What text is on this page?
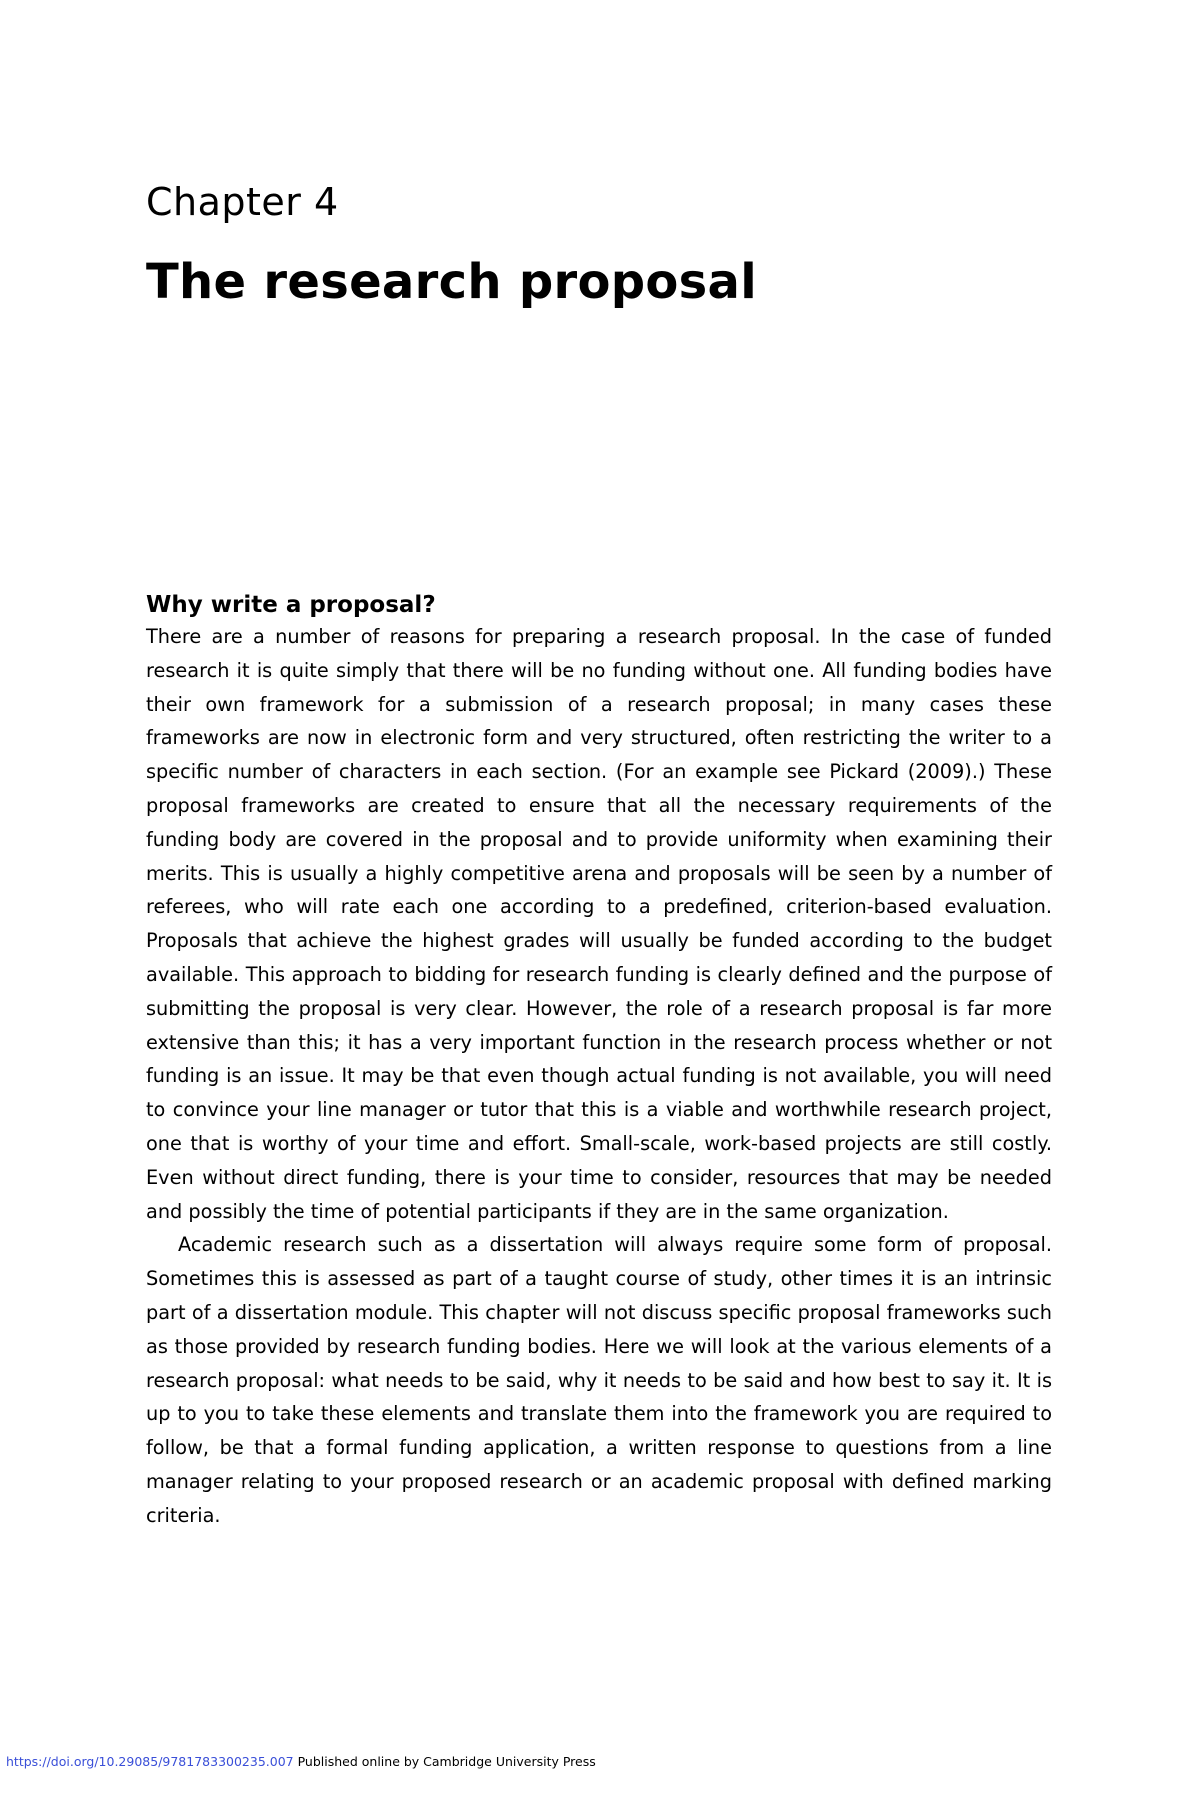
Chapter 4
The research proposal
Why write a proposal?

There are a number of reasons for preparing a research proposal. In the case of funded research it is quite simply that there will be no funding without one. All funding bodies have their own framework for a submission of a research proposal; in many cases these frameworks are now in electronic form and very structured, often restricting the writer to a specific number of characters in each section. (For an example see Pickard (2009).) These proposal frameworks are created to ensure that all the necessary requirements of the funding body are covered in the proposal and to provide uniformity when examining their merits. This is usually a highly competitive arena and proposals will be seen by a number of referees, who will rate each one according to a predefined, criterion-based evaluation. Proposals that achieve the highest grades will usually be funded according to the budget available. This approach to bidding for research funding is clearly defined and the purpose of submitting the proposal is very clear. However, the role of a research proposal is far more extensive than this; it has a very important function in the research process whether or not funding is an issue. It may be that even though actual funding is not available, you will need to convince your line manager or tutor that this is a viable and worthwhile research project, one that is worthy of your time and effort. Small-scale, work-based projects are still costly. Even without direct funding, there is your time to consider, resources that may be needed and possibly the time of potential participants if they are in the same organization.

Academic research such as a dissertation will always require some form of proposal. Sometimes this is assessed as part of a taught course of study, other times it is an intrinsic part of a dissertation module. This chapter will not discuss specific proposal frameworks such as those provided by research funding bodies. Here we will look at the various elements of a research proposal: what needs to be said, why it needs to be said and how best to say it. It is up to you to take these elements and translate them into the framework you are required to follow, be that a formal funding application, a written response to questions from a line manager relating to your proposed research or an academic proposal with defined marking criteria.

https://doi.org/10.29085/9781783300235.007 Published online by Cambridge University Press
